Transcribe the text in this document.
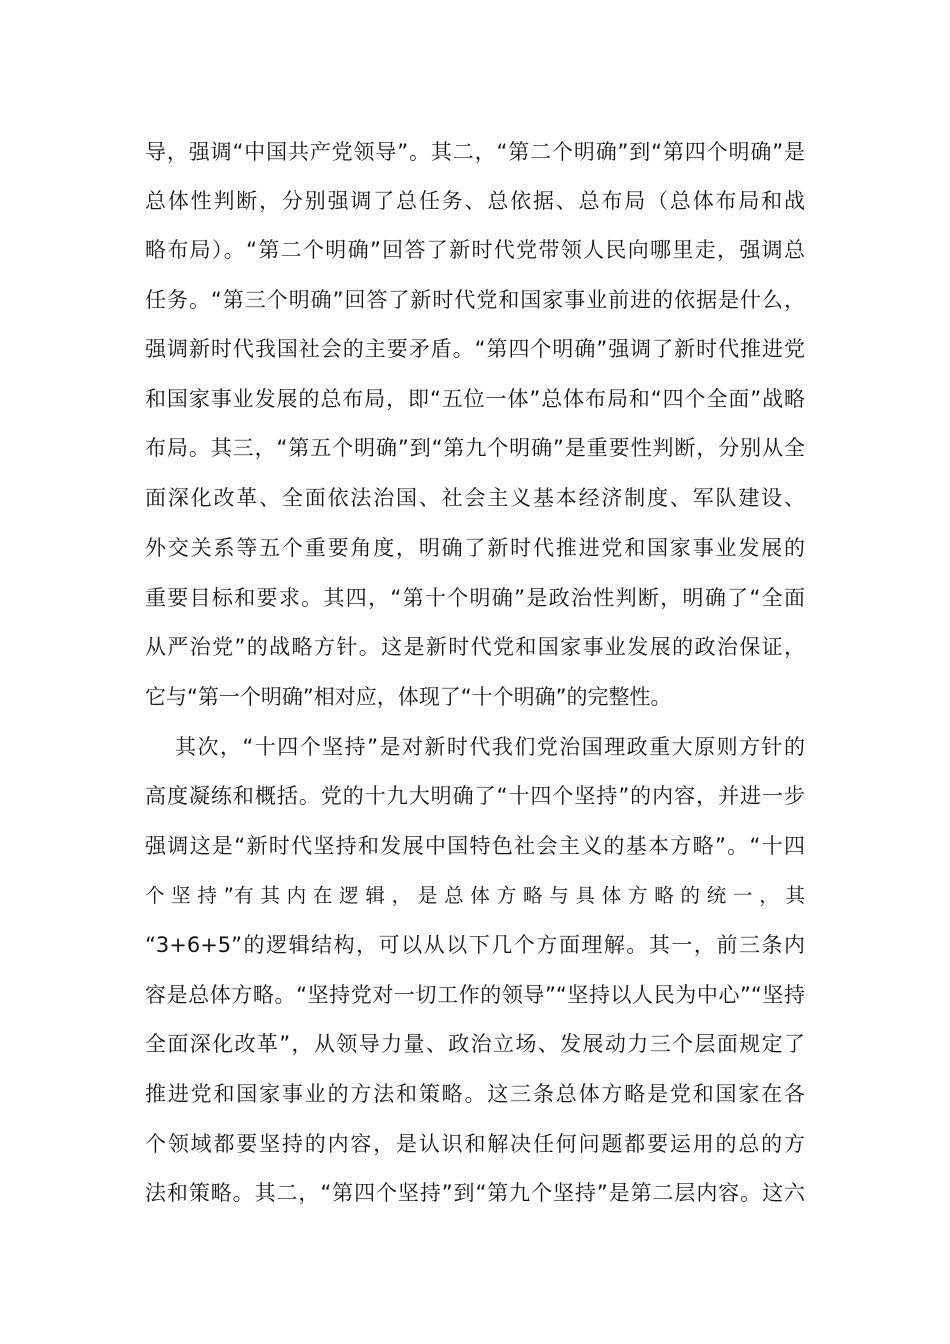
导，强调“中国共产党领导”。其二，“第二个明确”到“第四个明确”是
总体性判断，分别强调了总任务、总依据、总布局（总体布局和战
略布局）。“第二个明确”回答了新时代党带领人民向哪里走，强调总
任务。“第三个明确”回答了新时代党和国家事业前进的依据是什么，
强调新时代我国社会的主要矛盾。“第四个明确”强调了新时代推进党
和国家事业发展的总布局，即“五位一体”总体布局和“四个全面”战略
布局。其三，“第五个明确”到“第九个明确”是重要性判断，分别从全
面深化改革、全面依法治国、社会主义基本经济制度、军队建设、
外交关系等五个重要角度，明确了新时代推进党和国家事业发展的
重要目标和要求。其四，“第十个明确”是政治性判断，明确了“全面
从严治党”的战略方针。这是新时代党和国家事业发展的政治保证，
它与“第一个明确”相对应，体现了“十个明确”的完整性。
其次，“十四个坚持”是对新时代我们党治国理政重大原则方针的
高度凝练和概括。党的十九大明确了“十四个坚持”的内容，并进一步
强调这是“新时代坚持和发展中国特色社会主义的基本方略”。“十四
个 坚 持 ”有 其 内 在 逻 辑 ， 是 总 体 方 略 与 具 体 方 略 的 统 一 ， 其
“3+6+5”的逻辑结构，可以从以下几个方面理解。其一，前三条内
容是总体方略。“坚持党对一切工作的领导”“坚持以人民为中心”“坚持
全面深化改革”，从领导力量、政治立场、发展动力三个层面规定了
推进党和国家事业的方法和策略。这三条总体方略是党和国家在各
个领域都要坚持的内容，是认识和解决任何问题都要运用的总的方
法和策略。其二，“第四个坚持”到“第九个坚持”是第二层内容。这六
